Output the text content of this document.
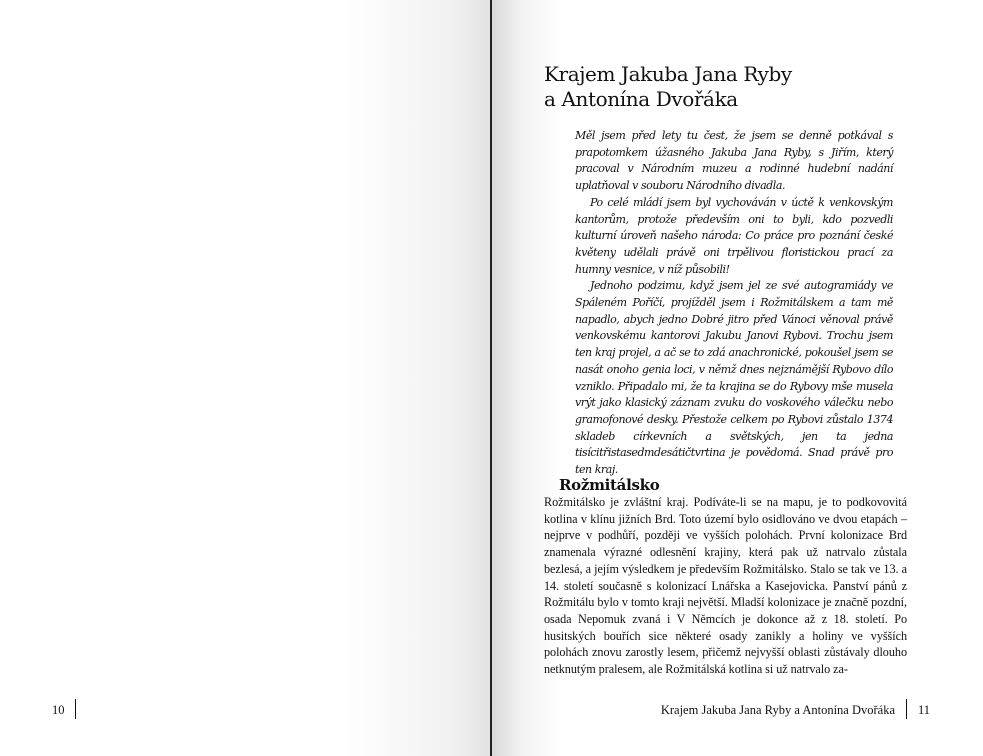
10
Krajem Jakuba Jana Ryby
a Antonína Dvořáka

Měl jsem před lety tu čest, že jsem se denně potkával s prapotomkem úžasného Jakuba Jana Ryby, s Jiřím, který pracoval v Národním muzeu a rodinné hudební nadání uplatňoval v souboru Národního divadla.

Po celé mládí jsem byl vychováván v úctě k venkovským kantorům, protože především oni to byli, kdo pozvedli kulturní úroveň našeho národa: Co práce pro poznání české květeny udělali právě oni trpělivou floristickou prací za humny vesnice, v níž působili!

Jednoho podzimu, když jsem jel ze své autogramiády ve Spáleném Poříčí, projížděl jsem i Rožmitálskem a tam mě napadlo, abych jedno Dobré jitro před Vánoci věnoval právě venkovskému kantorovi Jakubu Janovi Rybovi. Trochu jsem ten kraj projel, a ač se to zdá anachronické, pokoušel jsem se nasát onoho genia loci, v němž dnes nejznámější Rybovo dílo vzniklo. Připadalo mi, že ta krajina se do Rybovy mše musela vrýt jako klasický záznam zvuku do voskového válečku nebo gramofonové desky. Přestože celkem po Rybovi zůstalo 1374 skladeb církevních a světských, jen ta jedna tisícitřistasedmdesátičtvrtina je povědomá. Snad právě pro ten kraj.

Rožmitálsko

Rožmitálsko je zvláštní kraj. Podíváte-li se na mapu, je to podkovovitá kotlina v klínu jižních Brd. Toto území bylo osidlováno ve dvou etapách – nejprve v podhůří, později ve vyšších polohách. První kolonizace Brd znamenala výrazné odlesnění krajiny, která pak už natrvalo zůstala bezlesá, a jejím výsledkem je především Rožmitálsko. Stalo se tak ve 13. a 14. století současně s kolonizací Lnářska a Kasejovicka. Panství pánů z Rožmitálu bylo v tomto kraji největší. Mladší kolonizace je značně pozdní, osada Nepomuk zvaná i V Němcích je dokonce až z 18. století. Po husitských bouřích sice některé osady zanikly a holiny ve vyšších polohách znovu zarostly lesem, přičemž nejvyšší oblasti zůstávaly dlouho netknutým pralesem, ale Rožmitálská kotlina si už natrvalo za-

Krajem Jakuba Jana Ryby a Antonína Dvořáka 11
